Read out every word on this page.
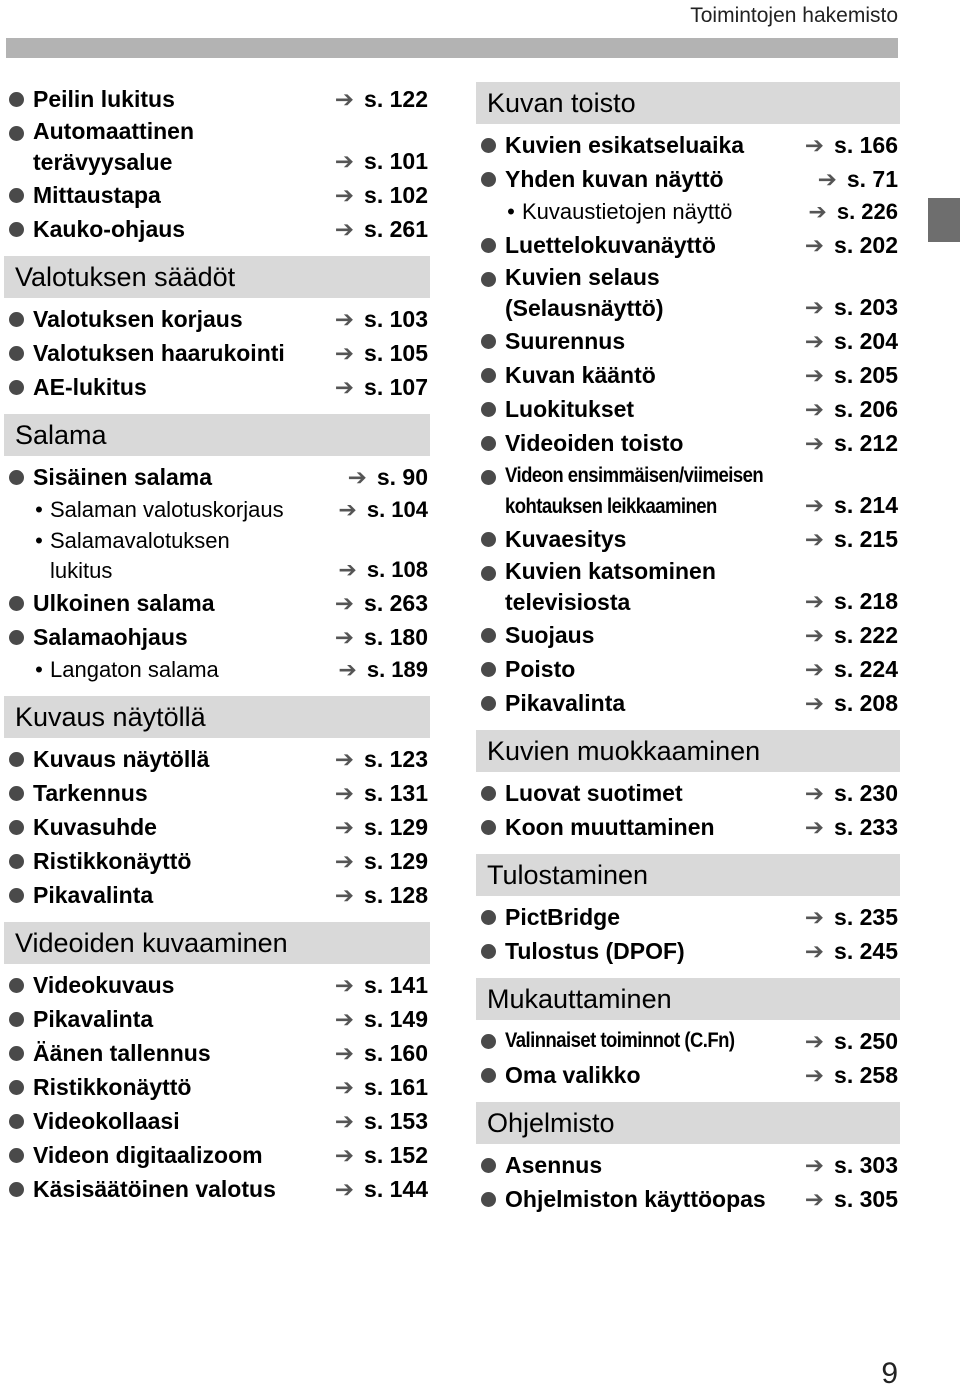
Toimintojen hakemisto
Peilin lukitus	➔ s. 122
Automaattinen
terävyysalue	➔ s. 101
Mittaustapa	➔ s. 102
Kauko-ohjaus	➔ s. 261
Valotuksen säädöt
Valotuksen korjaus	➔ s. 103
Valotuksen haarukointi	➔ s. 105
AE-lukitus	➔ s. 107
Salama
Sisäinen salama	➔ s. 90
• Salaman valotuskorjaus	➔ s. 104
• Salamavalotuksen
lukitus	➔ s. 108
Ulkoinen salama	➔ s. 263
Salamaohjaus	➔ s. 180
• Langaton salama	➔ s. 189
Kuvaus näytöllä
Kuvaus näytöllä	➔ s. 123
Tarkennus	➔ s. 131
Kuvasuhde	➔ s. 129
Ristikkonäyttö	➔ s. 129
Pikavalinta	➔ s. 128
Videoiden kuvaaminen
Videokuvaus	➔ s. 141
Pikavalinta	➔ s. 149
Äänen tallennus	➔ s. 160
Ristikkonäyttö	➔ s. 161
Videokollaasi	➔ s. 153
Videon digitaalizoom	➔ s. 152
Käsisäätöinen valotus	➔ s. 144
Kuvan toisto
Kuvien esikatseluaika	➔ s. 166
Yhden kuvan näyttö	➔ s. 71
• Kuvaustietojen näyttö	➔ s. 226
Luettelokuvanäyttö	➔ s. 202
Kuvien selaus
(Selausnäyttö)	➔ s. 203
Suurennus	➔ s. 204
Kuvan kääntö	➔ s. 205
Luokitukset	➔ s. 206
Videoiden toisto	➔ s. 212
Videon ensimmäisen/viimeisen
kohtauksen leikkaaminen	➔ s. 214
Kuvaesitys	➔ s. 215
Kuvien katsominen
televisiosta	➔ s. 218
Suojaus	➔ s. 222
Poisto	➔ s. 224
Pikavalinta	➔ s. 208
Kuvien muokkaaminen
Luovat suotimet	➔ s. 230
Koon muuttaminen	➔ s. 233
Tulostaminen
PictBridge	➔ s. 235
Tulostus (DPOF)	➔ s. 245
Mukauttaminen
Valinnaiset toiminnot (C.Fn)	➔ s. 250
Oma valikko	➔ s. 258
Ohjelmisto
Asennus	➔ s. 303
Ohjelmiston käyttöopas	➔ s. 305
9
